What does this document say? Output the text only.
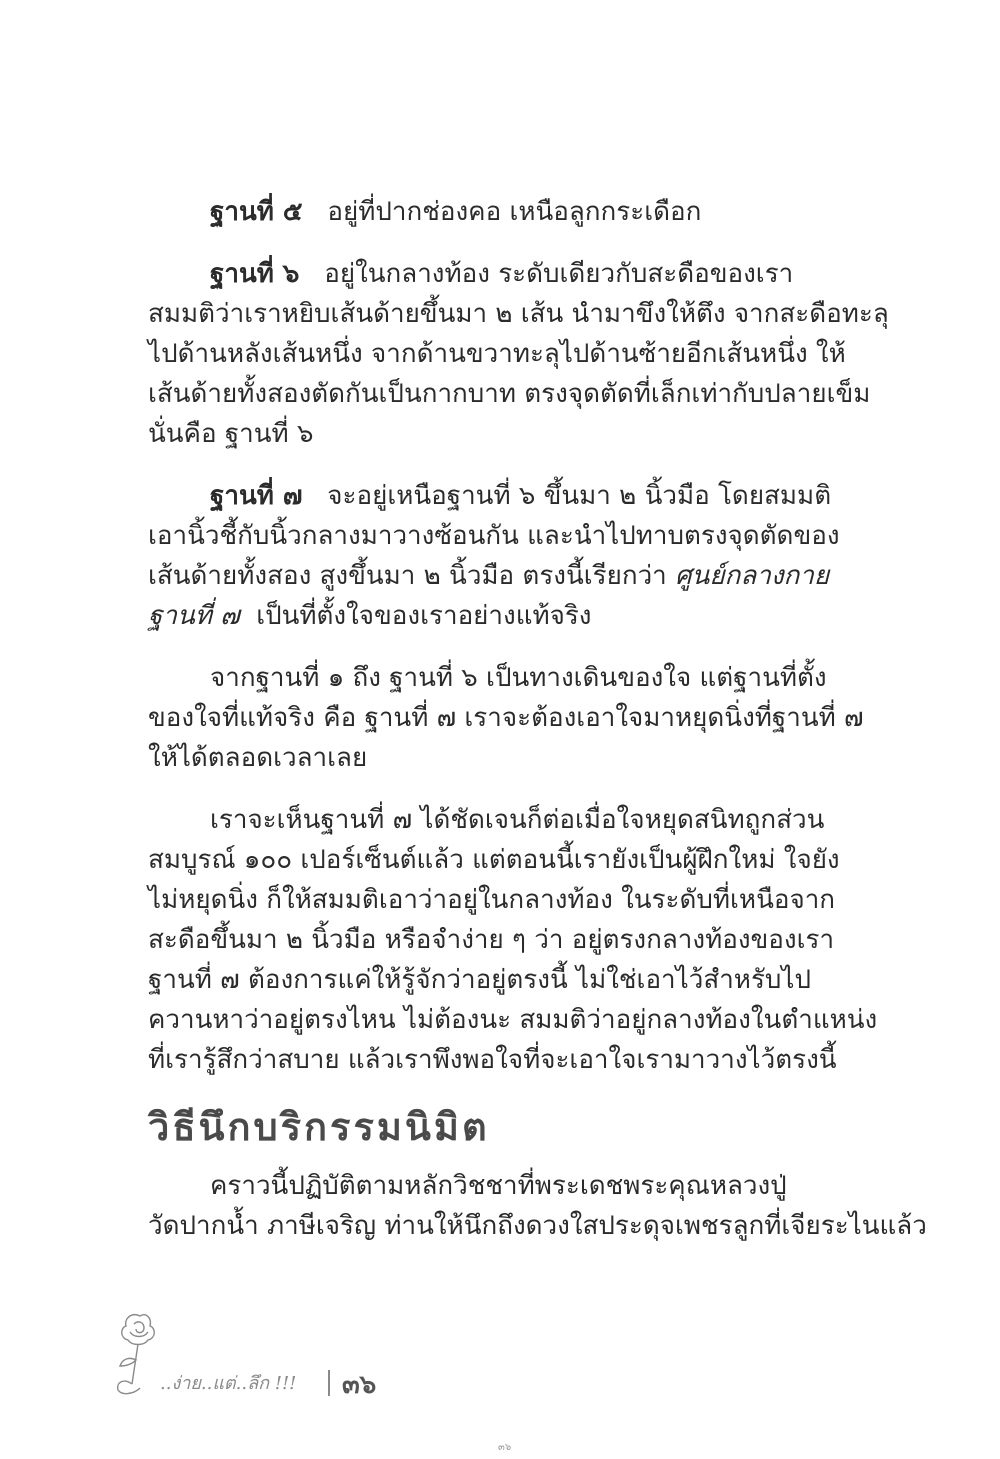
ฐานที่ ๕ อยู่ที่ปากช่องคอ เหนือลูกกระเดือก

ฐานที่ ๖ อยู่ในกลางท้อง ระดับเดียวกับสะดือของเรา
สมมติว่าเราหยิบเส้นด้ายขึ้นมา ๒ เส้น นำมาขึงให้ตึง จากสะดือทะลุ
ไปด้านหลังเส้นหนึ่ง จากด้านขวาทะลุไปด้านซ้ายอีกเส้นหนึ่ง ให้
เส้นด้ายทั้งสองตัดกันเป็นกากบาท ตรงจุดตัดที่เล็กเท่ากับปลายเข็ม
นั่นคือ ฐานที่ ๖

ฐานที่ ๗ จะอยู่เหนือฐานที่ ๖ ขึ้นมา ๒ นิ้วมือ โดยสมมติ
เอานิ้วชี้กับนิ้วกลางมาวางซ้อนกัน และนำไปทาบตรงจุดตัดของ
เส้นด้ายทั้งสอง สูงขึ้นมา ๒ นิ้วมือ ตรงนี้เรียกว่า ศูนย์กลางกาย
ฐานที่ ๗ เป็นที่ตั้งใจของเราอย่างแท้จริง

จากฐานที่ ๑ ถึง ฐานที่ ๖ เป็นทางเดินของใจ แต่ฐานที่ตั้ง
ของใจที่แท้จริง คือ ฐานที่ ๗ เราจะต้องเอาใจมาหยุดนิ่งที่ฐานที่ ๗
ให้ได้ตลอดเวลาเลย

เราจะเห็นฐานที่ ๗ ได้ชัดเจนก็ต่อเมื่อใจหยุดสนิทถูกส่วน
สมบูรณ์ ๑๐๐ เปอร์เซ็นต์แล้ว แต่ตอนนี้เรายังเป็นผู้ฝึกใหม่ ใจยัง
ไม่หยุดนิ่ง ก็ให้สมมติเอาว่าอยู่ในกลางท้อง ในระดับที่เหนือจาก
สะดือขึ้นมา ๒ นิ้วมือ หรือจำง่าย ๆ ว่า อยู่ตรงกลางท้องของเรา
ฐานที่ ๗ ต้องการแค่ให้รู้จักว่าอยู่ตรงนี้ ไม่ใช่เอาไว้สำหรับไป
ควานหาว่าอยู่ตรงไหน ไม่ต้องนะ สมมติว่าอยู่กลางท้องในตำแหน่ง
ที่เรารู้สึกว่าสบาย แล้วเราพึงพอใจที่จะเอาใจเรามาวางไว้ตรงนี้

วิธีนึกบริกรรมนิมิต

คราวนี้ปฏิบัติตามหลักวิชชาที่พระเดชพระคุณหลวงปู่
วัดปากน้ำ ภาษีเจริญ ท่านให้นึกถึงดวงใสประดุจเพชรลูกที่เจียระไนแล้ว

..ง่าย..แต่..ลึก !!! ๓๖
๓๖
